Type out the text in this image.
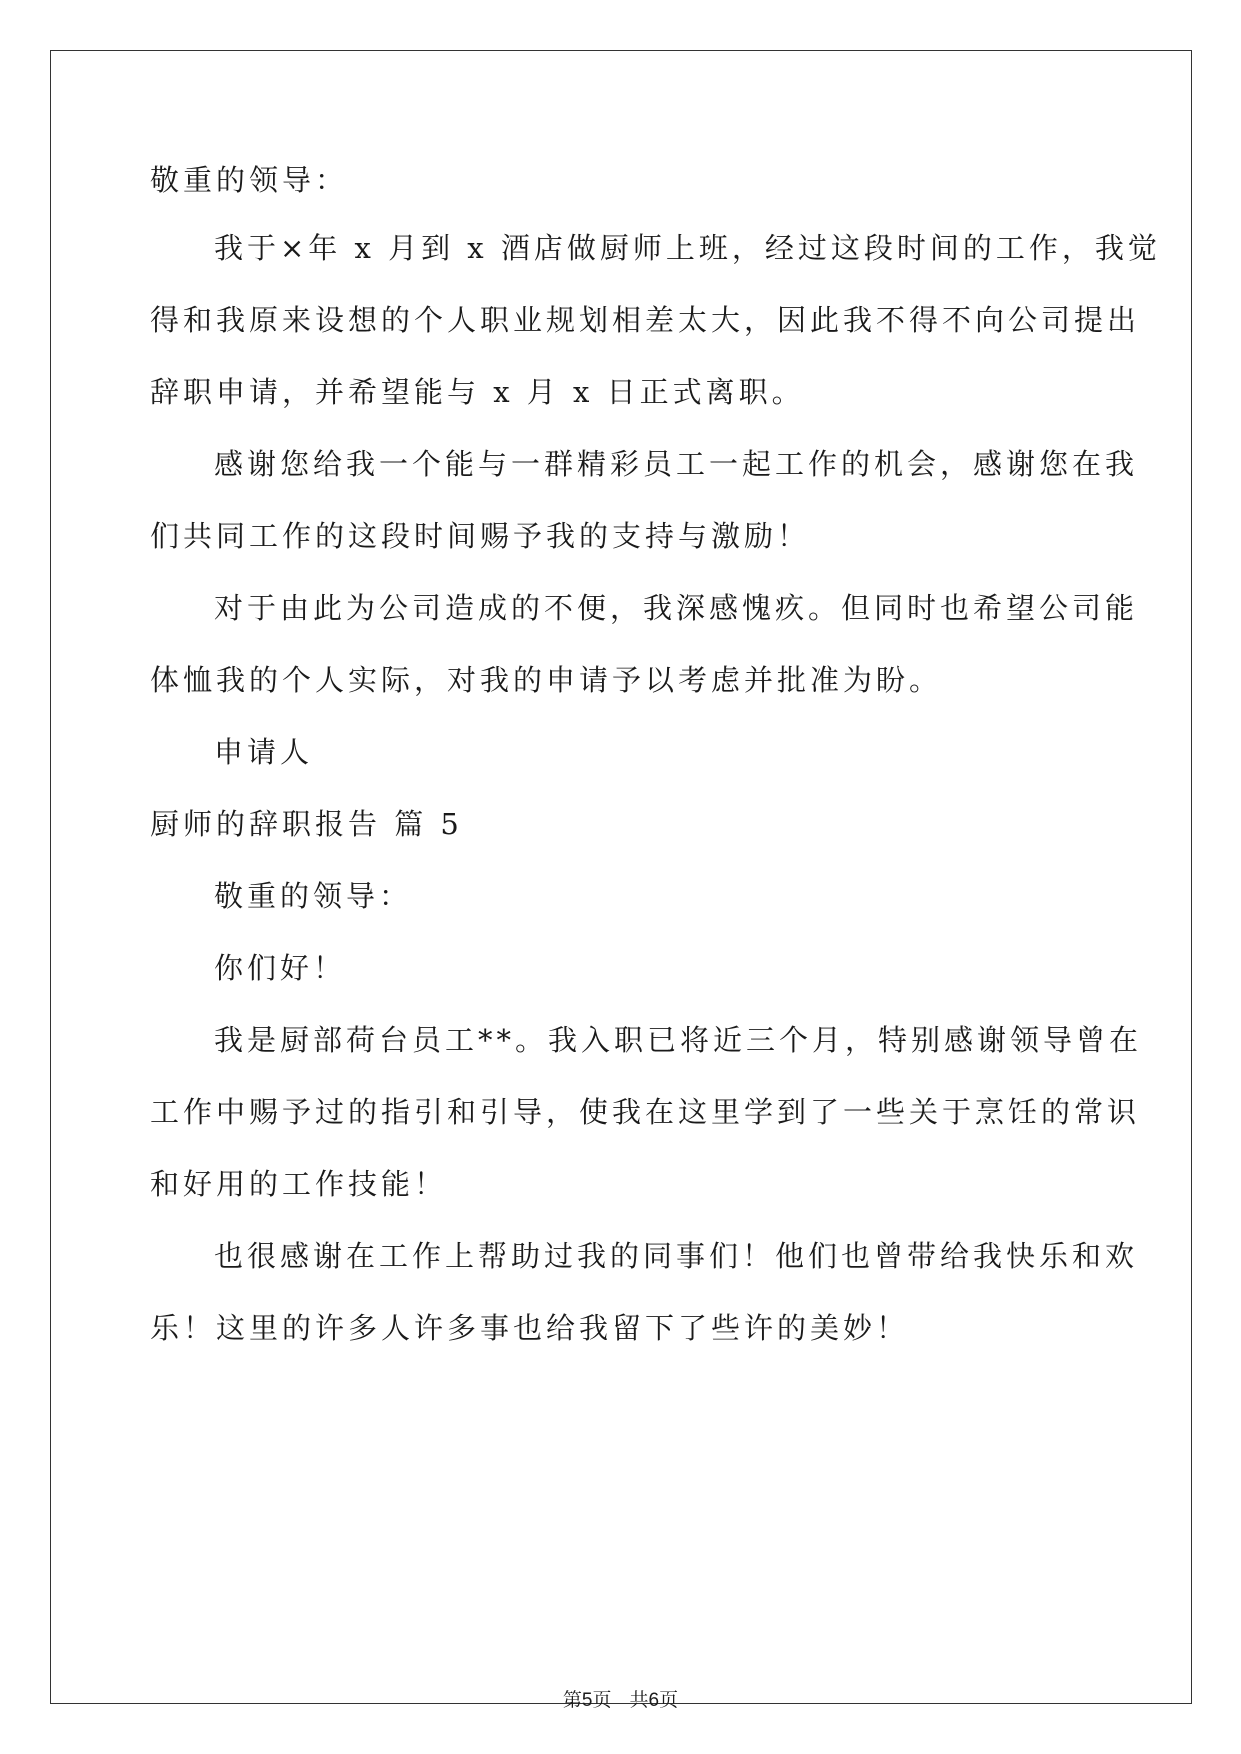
敬重的领导：
我于×年 x 月到 x 酒店做厨师上班，经过这段时间的工作，我觉
得和我原来设想的个人职业规划相差太大，因此我不得不向公司提出
辞职申请，并希望能与 x 月 x 日正式离职。
感谢您给我一个能与一群精彩员工一起工作的机会，感谢您在我
们共同工作的这段时间赐予我的支持与激励！
对于由此为公司造成的不便，我深感愧疚。但同时也希望公司能
体恤我的个人实际，对我的申请予以考虑并批准为盼。
申请人
厨师的辞职报告 篇 5
敬重的领导：
你们好！
我是厨部荷台员工**。我入职已将近三个月，特别感谢领导曾在
工作中赐予过的指引和引导，使我在这里学到了一些关于烹饪的常识
和好用的工作技能！
也很感谢在工作上帮助过我的同事们！他们也曾带给我快乐和欢
乐！这里的许多人许多事也给我留下了些许的美妙！
第5页 共6页
